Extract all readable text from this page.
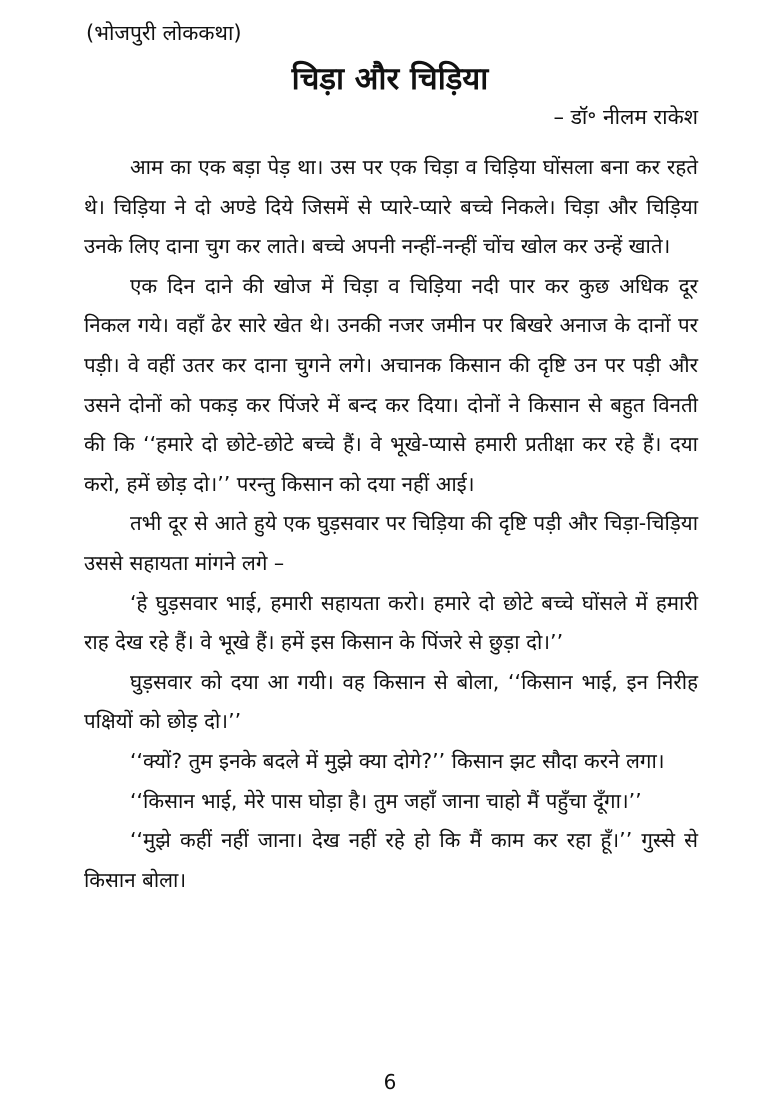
(भोजपुरी लोककथा)
चिड़ा और चिड़िया
– डॉ॰ नीलम राकेश

आम का एक बड़ा पेड़ था। उस पर एक चिड़ा व चिड़िया घोंसला बना कर रहते थे। चिड़िया ने दो अण्डे दिये जिसमें से प्यारे-प्यारे बच्चे निकले। चिड़ा और चिड़िया उनके लिए दाना चुग कर लाते। बच्चे अपनी नन्हीं-नन्हीं चोंच खोल कर उन्हें खाते।

एक दिन दाने की खोज में चिड़ा व चिड़िया नदी पार कर कुछ अधिक दूर निकल गये। वहाँ ढेर सारे खेत थे। उनकी नजर जमीन पर बिखरे अनाज के दानों पर पड़ी। वे वहीं उतर कर दाना चुगने लगे। अचानक किसान की दृष्टि उन पर पड़ी और उसने दोनों को पकड़ कर पिंजरे में बन्द कर दिया। दोनों ने किसान से बहुत विनती की कि ‘‘हमारे दो छोटे-छोटे बच्चे हैं। वे भूखे-प्यासे हमारी प्रतीक्षा कर रहे हैं। दया करो, हमें छोड़ दो।’’ परन्तु किसान को दया नहीं आई।

तभी दूर से आते हुये एक घुड़सवार पर चिड़िया की दृष्टि पड़ी और चिड़ा-चिड़िया उससे सहायता मांगने लगे –

‘हे घुड़सवार भाई, हमारी सहायता करो। हमारे दो छोटे बच्चे घोंसले में हमारी राह देख रहे हैं। वे भूखे हैं। हमें इस किसान के पिंजरे से छुड़ा दो।’’

घुड़सवार को दया आ गयी। वह किसान से बोला, ‘‘किसान भाई, इन निरीह पक्षियों को छोड़ दो।’’

‘‘क्यों? तुम इनके बदले में मुझे क्या दोगे?’’ किसान झट सौदा करने लगा।

‘‘किसान भाई, मेरे पास घोड़ा है। तुम जहाँ जाना चाहो मैं पहुँचा दूँगा।’’

‘‘मुझे कहीं नहीं जाना। देख नहीं रहे हो कि मैं काम कर रहा हूँ।’’ गुस्से से किसान बोला।

6
